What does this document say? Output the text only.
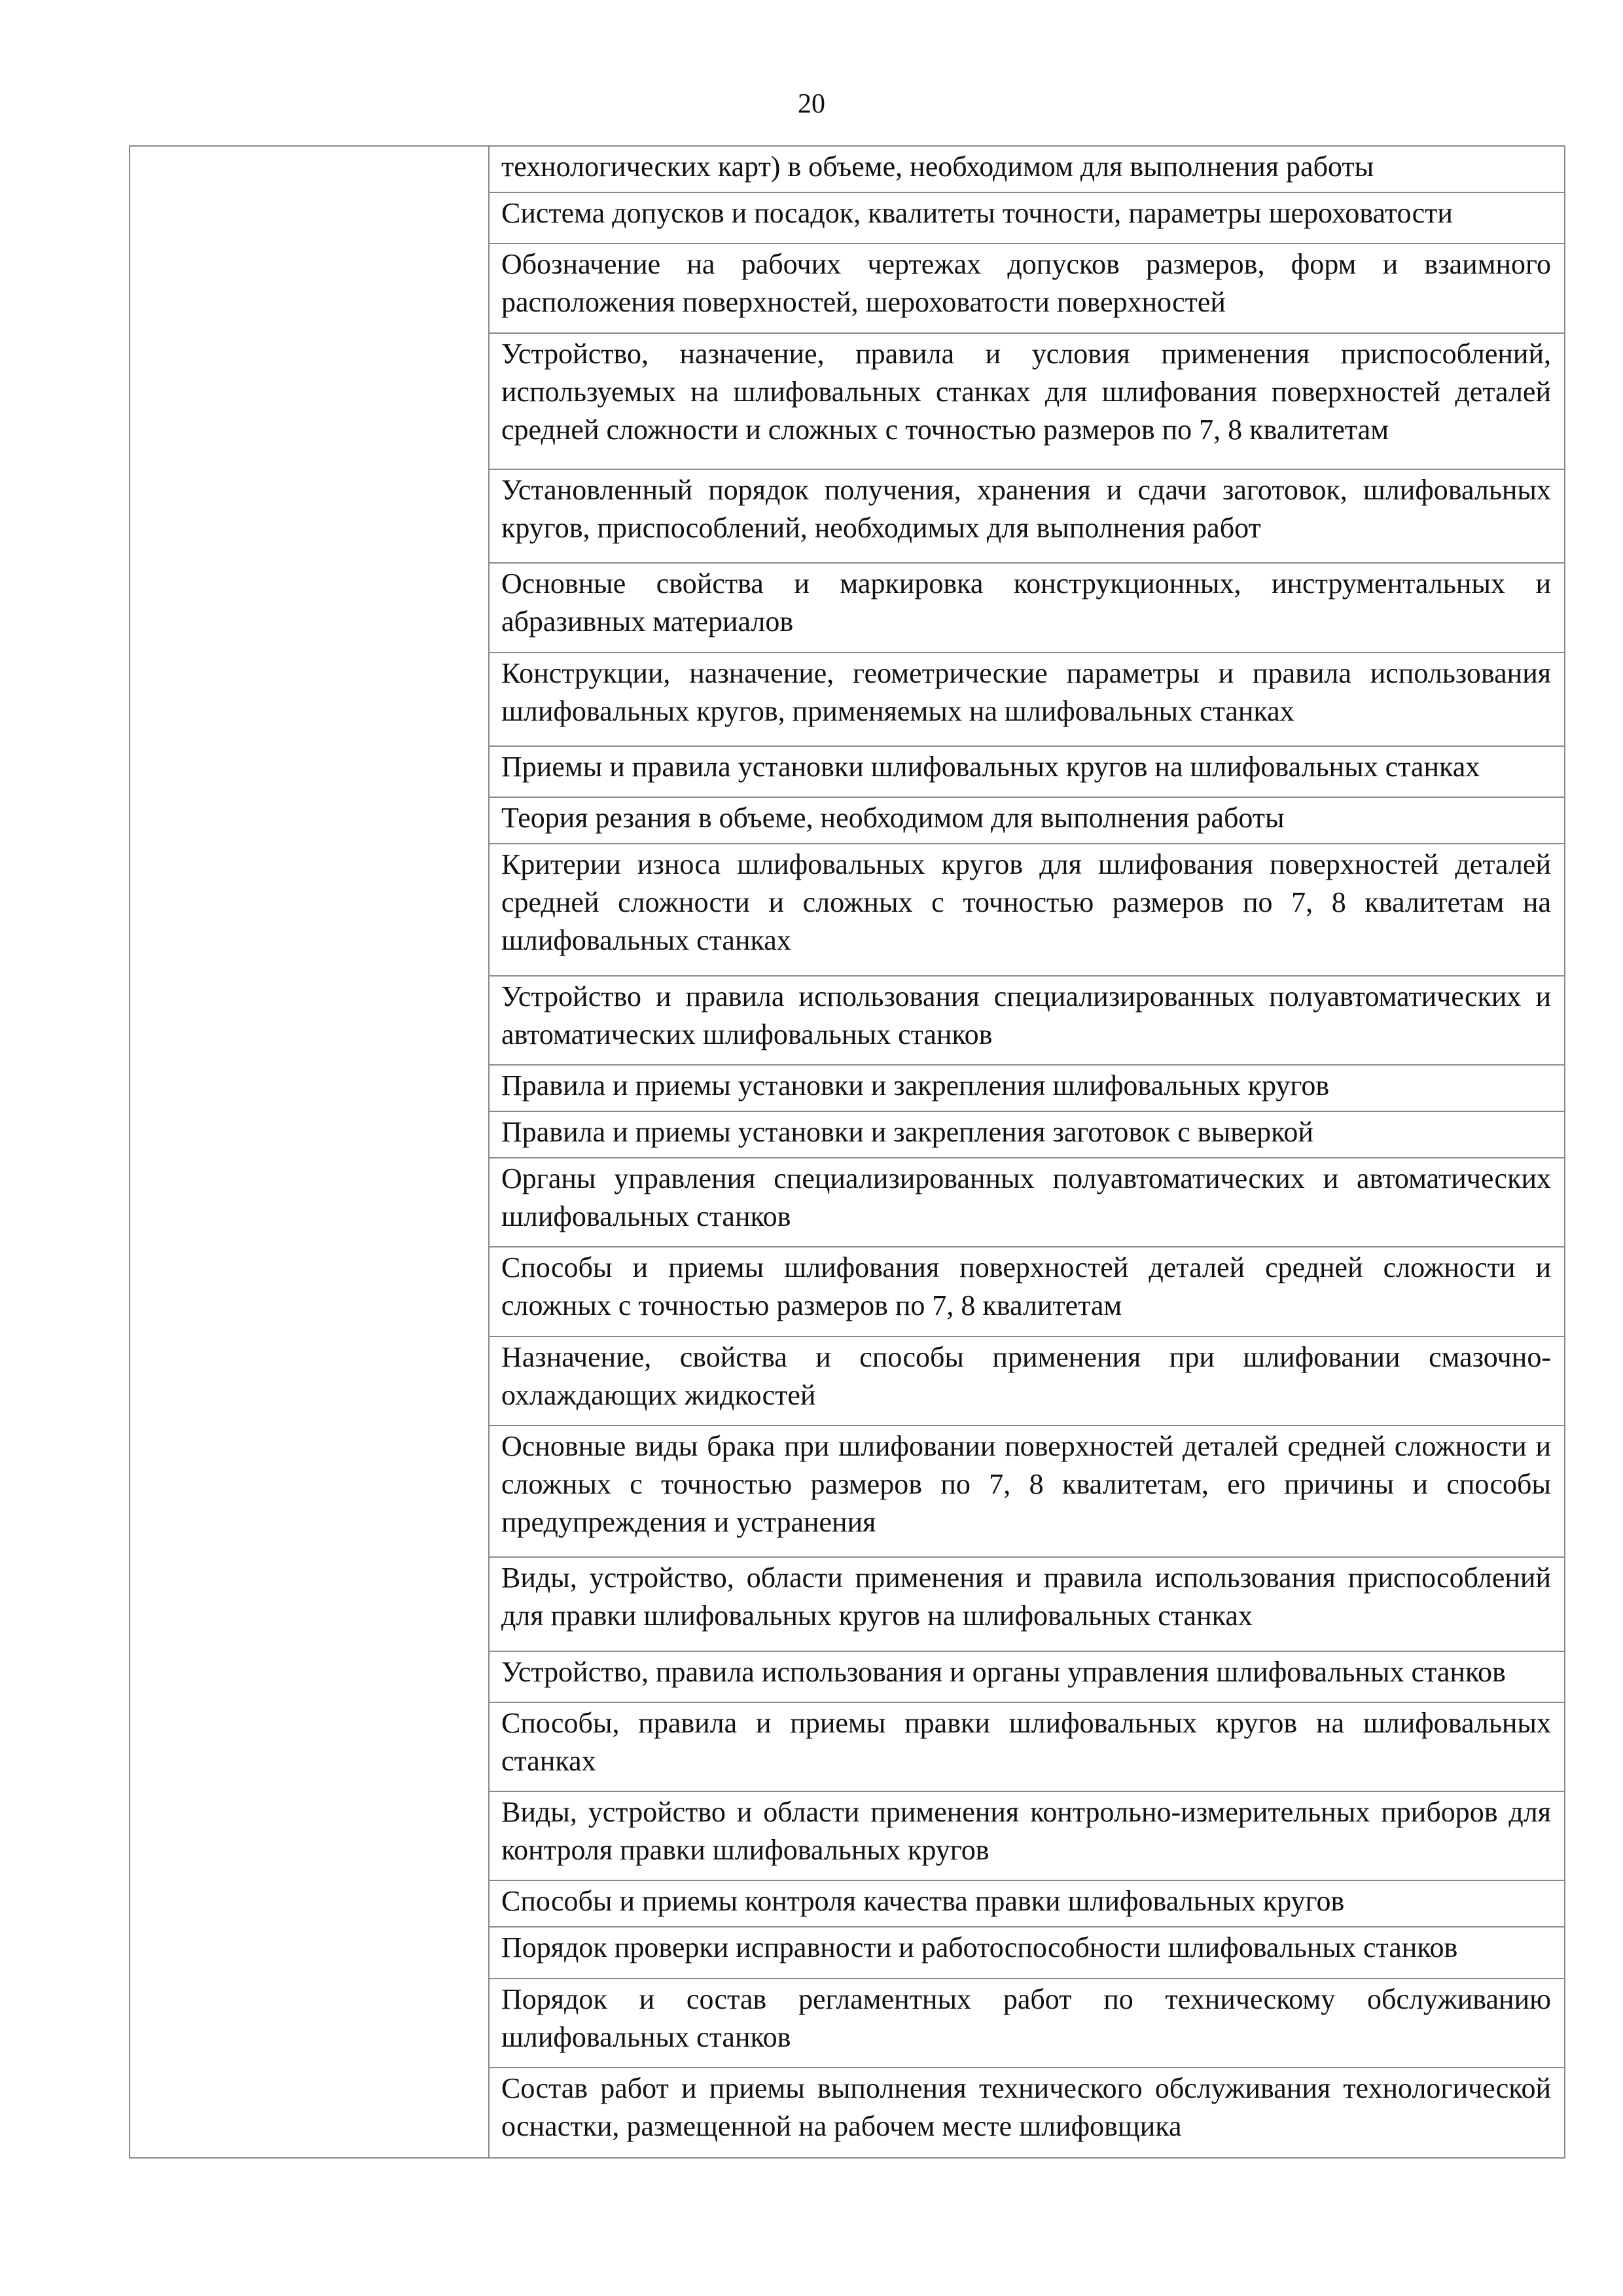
20

технологических карт) в объеме, необходимом для выполнения работы
Система допусков и посадок, квалитеты точности, параметры шероховатости
Обозначение на рабочих чертежах допусков размеров, форм и взаимного расположения поверхностей, шероховатости поверхностей
Устройство, назначение, правила и условия применения приспособлений, используемых на шлифовальных станках для шлифования поверхностей деталей средней сложности и сложных с точностью размеров по 7, 8 квалитетам
Установленный порядок получения, хранения и сдачи заготовок, шлифовальных кругов, приспособлений, необходимых для выполнения работ
Основные свойства и маркировка конструкционных, инструментальных и абразивных материалов
Конструкции, назначение, геометрические параметры и правила использования шлифовальных кругов, применяемых на шлифовальных станках
Приемы и правила установки шлифовальных кругов на шлифовальных станках
Теория резания в объеме, необходимом для выполнения работы
Критерии износа шлифовальных кругов для шлифования поверхностей деталей средней сложности и сложных с точностью размеров по 7, 8 квалитетам на шлифовальных станках
Устройство и правила использования специализированных полуавтоматических и автоматических шлифовальных станков
Правила и приемы установки и закрепления шлифовальных кругов
Правила и приемы установки и закрепления заготовок с выверкой
Органы управления специализированных полуавтоматических и автоматических шлифовальных станков
Способы и приемы шлифования поверхностей деталей средней сложности и сложных с точностью размеров по 7, 8 квалитетам
Назначение, свойства и способы применения при шлифовании смазочно-охлаждающих жидкостей
Основные виды брака при шлифовании поверхностей деталей средней сложности и сложных с точностью размеров по 7, 8 квалитетам, его причины и способы предупреждения и устранения
Виды, устройство, области применения и правила использования приспособлений для правки шлифовальных кругов на шлифовальных станках
Устройство, правила использования и органы управления шлифовальных станков
Способы, правила и приемы правки шлифовальных кругов на шлифовальных станках
Виды, устройство и области применения контрольно-измерительных приборов для контроля правки шлифовальных кругов
Способы и приемы контроля качества правки шлифовальных кругов
Порядок проверки исправности и работоспособности шлифовальных станков
Порядок и состав регламентных работ по техническому обслуживанию шлифовальных станков
Состав работ и приемы выполнения технического обслуживания технологической оснастки, размещенной на рабочем месте шлифовщика
